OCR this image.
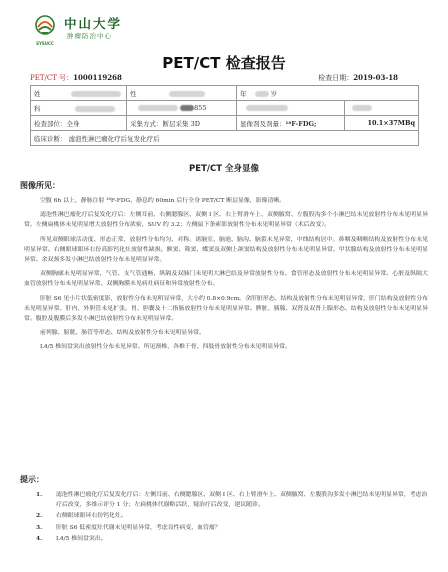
SYSUCC
中山大学
肿瘤防治中心
PET/CT 检查报告
PET/CT 号：1000119268	检查日期：2019-03-18
姓	性	年 岁	
科	855		
检查部位：全身	采集方式：断层采集 3D	显像剂及剂量：¹⁸F-FDG;	10.1×37MBq
临床诊断： 滤泡性淋巴瘤化疗后复发化疗后			
PET/CT 全身显像
图像所见：

空腹 6h 以上，静脉注射 ¹⁸F-FDG，静息约 60min 后行全身 PET/CT 断层显像，影像清晰。

滤泡性淋巴瘤化疗后复发化疗后：左侧耳前、右侧腮腺区、双侧 I 区、右上臂滑车上、双侧腋窝、左腹股沟多个小淋巴结未见放射性分布未见明显异常。左侧扁桃体未见明显增大放射性分布浓密，SUV 约 3.2；左侧鼠下条索影放射性分布未见明显异常（术后改变）。

所见双侧眼球活动度、形态正常，放射性分布均匀、对称。诸脑室、脑池、脑沟、脑裂未见异常，中线结构居中。鼻咽及咽喉结构及放射性分布未见明显异常。右侧眼球眼环右份高影钙化灶放射性缺损。额窦、筛窦、蝶窦及双侧上颌窦结构及放射性分布未见明显异常。甲状腺结构及放射性分布未见明显异常。余双颈多发小淋巴结放射性分布未见明显异常。

双侧胸廓未见明显异常，气管、支气管通畅，纵隔及双肺门未见明大淋巴结及异常放射性分布。食管形态及放射性分布未见明显异常。心脏及纵隔大血管放射性分布未见明显异常。双侧胸膜未见病灶病征和异常放射性分布。

肝脏 S6 见小片状低密度影，放射性分布未见明显异常，大小约 0.8×0.9cm。余肝脏形态、结构及放射性分布未见明显异常，肝门结构及放射性分布未见明显异常。肝内、外胆管未见扩张。胃、胆囊及十二指肠放射性分布未见明显异常。脾脏、胰腺、双肾及双肾上腺形态、结构及放射性分布未见明显异常。腹腔及腹膜后多发小淋巴结放射性分布未见明显异常。

前列腺、膀胱、肠管等形态、结构及放射性分布未见明显异常。

L4/5 椎间盘突出放射性分布未见异常。所见颈椎、各椎干骨、四肢骨放射性分布未见明显异常。

提示：
1. 滤泡性淋巴瘤化疗后复发化疗后：左侧耳前、右侧腮腺区、双侧 I 区、右上臂滑车上、双侧腋窝、左腹股沟多发小淋巴结未见明显异常，考虑治疗后改变，多维示评分 1 分；左扁桃体代谢略活跃，疑治疗后改变，建议随诊。
2. 右侧眼球眼环右份钙化灶。
3. 肝脏 S6 低密度灶代谢未见明显异常，考虑良性病变，血管瘤？
4. L4/5 椎间盘突出。
